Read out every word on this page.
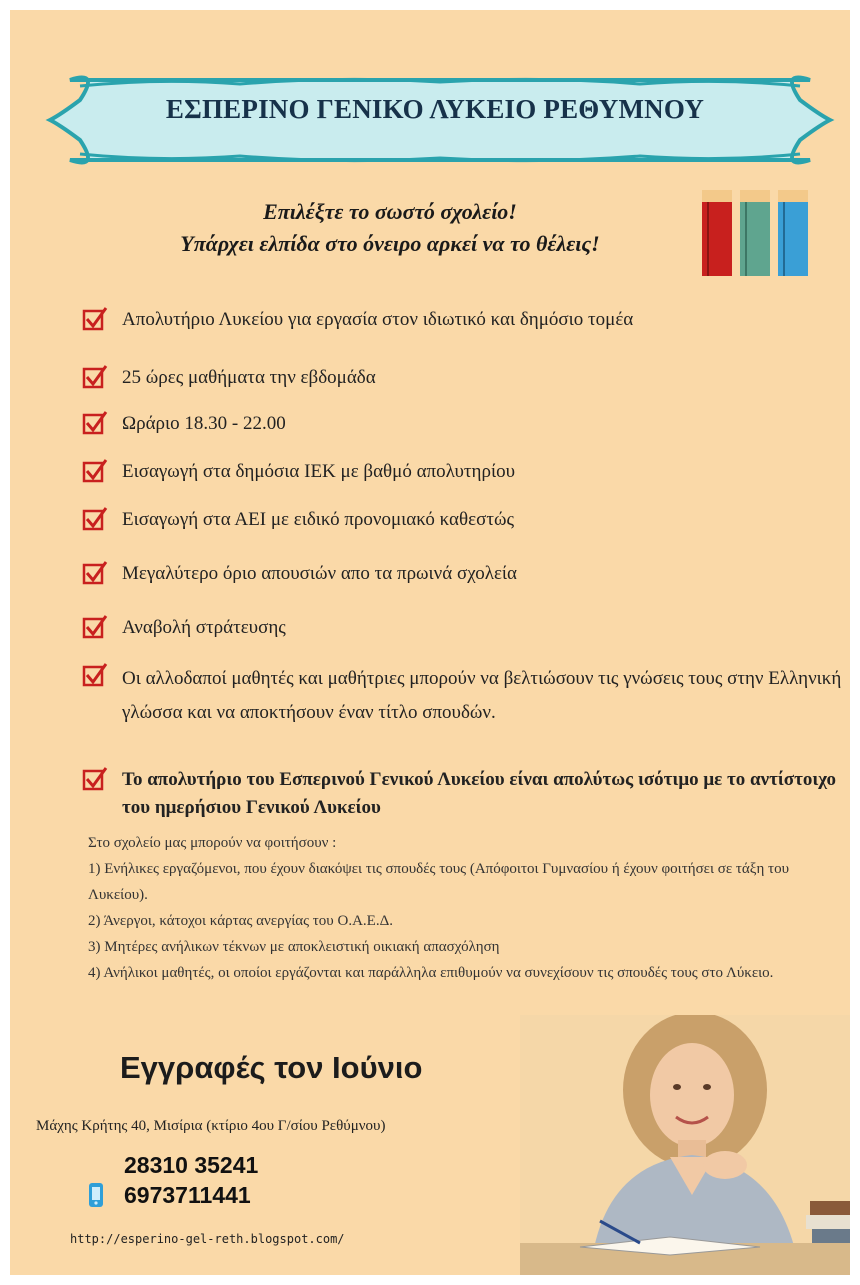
ΕΣΠΕΡΙΝΟ ΓΕΝΙΚΟ ΛΥΚΕΙΟ ΡΕΘΥΜΝΟΥ
Επιλέξτε το σωστό σχολείο!
Υπάρχει ελπίδα στο όνειρο αρκεί να το θέλεις!
Απολυτήριο Λυκείου για εργασία στον ιδιωτικό και δημόσιο τομέα
25 ώρες μαθήματα την εβδομάδα
Ωράριο 18.30 - 22.00
Εισαγωγή στα δημόσια ΙΕΚ με βαθμό απολυτηρίου
Εισαγωγή στα ΑΕΙ με ειδικό προνομιακό καθεστώς
Μεγαλύτερο όριο απουσιών απο τα πρωινά σχολεία
Αναβολή στράτευσης
Οι αλλοδαποί μαθητές και μαθήτριες μπορούν να βελτιώσουν τις γνώσεις τους στην Ελληνική γλώσσα και να αποκτήσουν έναν τίτλο σπουδών.
Το απολυτήριο του Εσπερινού Γενικού Λυκείου είναι απολύτως ισότιμο με το αντίστοιχο του ημερήσιου Γενικού Λυκείου
Στο σχολείο μας μπορούν να φοιτήσουν :
1) Ενήλικες εργαζόμενοι, που έχουν διακόψει τις σπουδές τους (Απόφοιτοι Γυμνασίου ή έχουν φοιτήσει σε τάξη του Λυκείου).
2) Άνεργοι, κάτοχοι κάρτας ανεργίας του Ο.Α.Ε.Δ.
3) Μητέρες ανήλικων τέκνων με αποκλειστική οικιακή απασχόληση
4) Ανήλικοι μαθητές, οι οποίοι εργάζονται και παράλληλα επιθυμούν να συνεχίσουν τις σπουδές τους στο Λύκειο.
Εγγραφές τον Ιούνιο
Μάχης Κρήτης 40, Μισίρια (κτίριο 4ου Γ/σίου Ρεθύμνου)
28310 35241
6973711441
http://esperino-gel-reth.blogspot.com/
